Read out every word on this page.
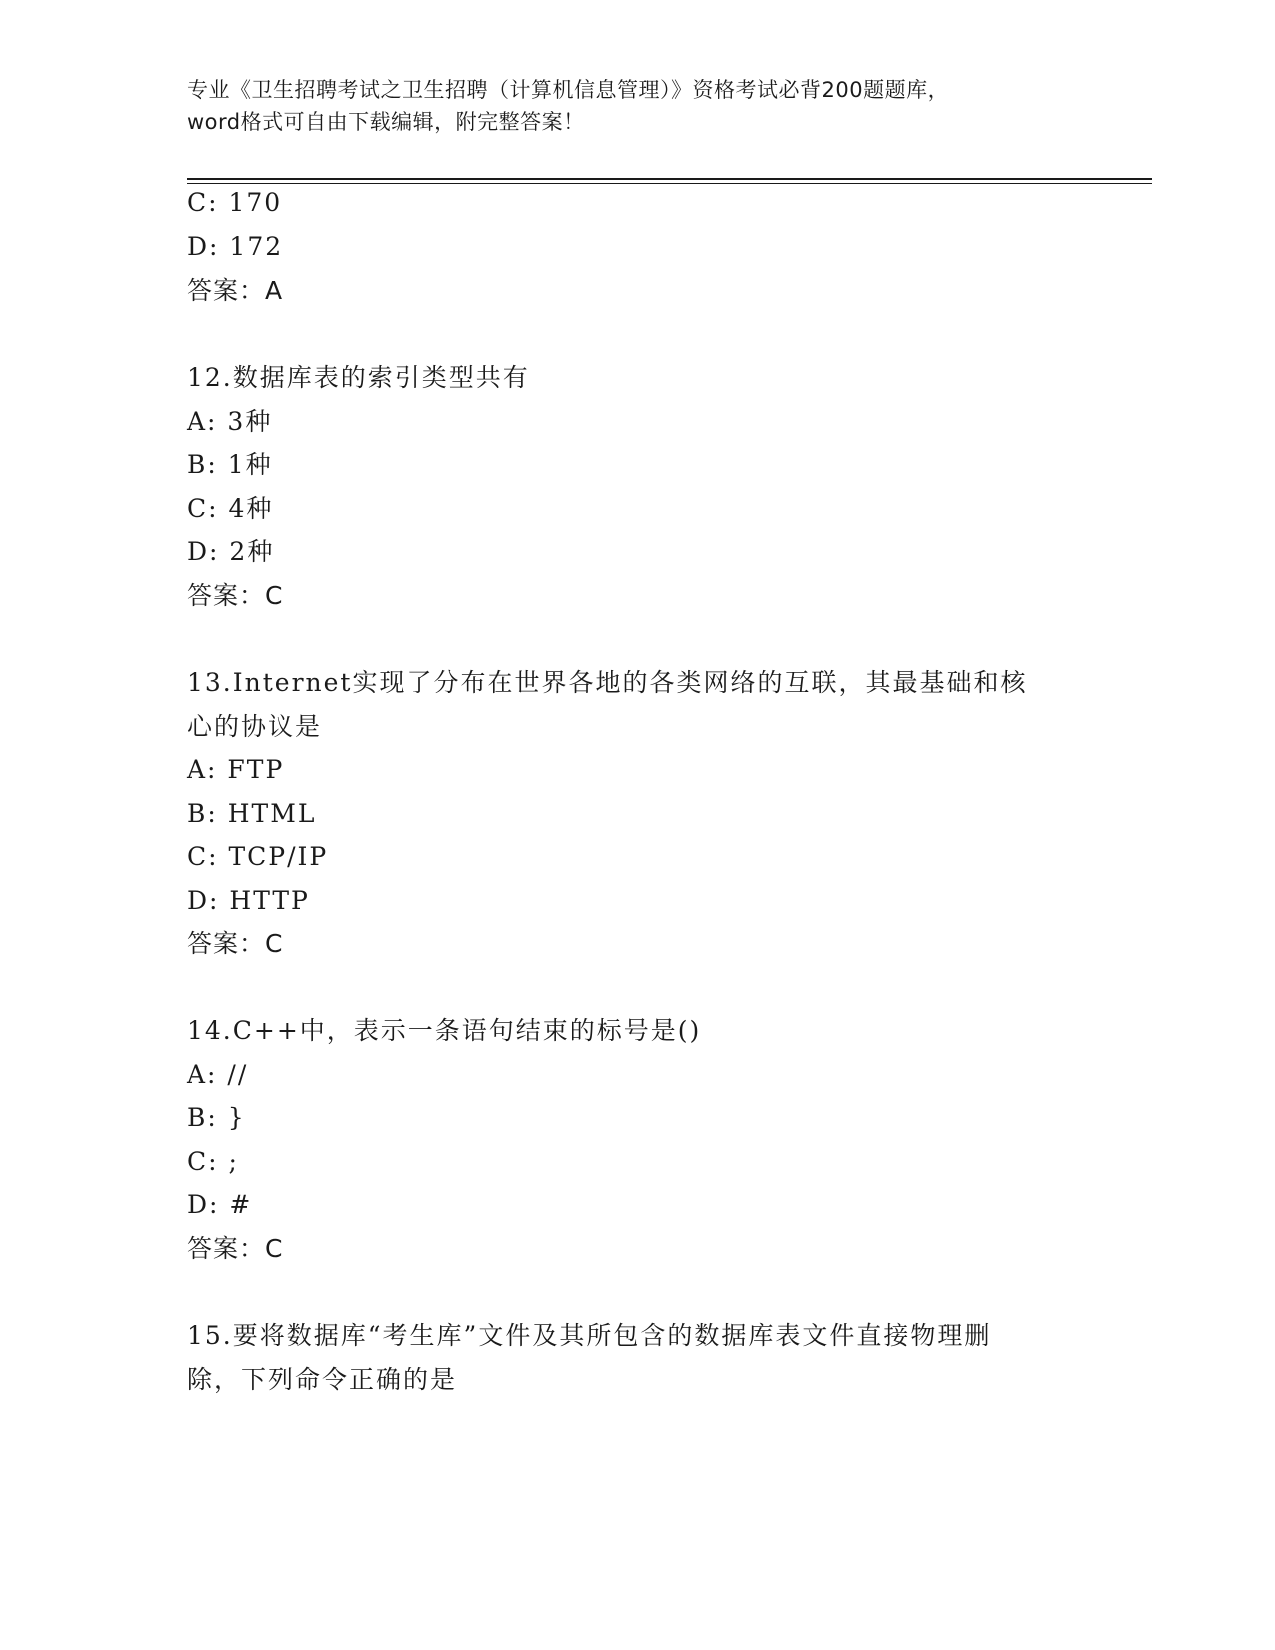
专业《卫生招聘考试之卫生招聘（计算机信息管理）》资格考试必背200题题库，
word格式可自由下载编辑，附完整答案！
C: 170
D: 172
答案：A
12.数据库表的索引类型共有
A: 3种
B: 1种
C: 4种
D: 2种
答案：C
13.Internet实现了分布在世界各地的各类网络的互联，其最基础和核
心的协议是
A: FTP
B: HTML
C: TCP/IP
D: HTTP
答案：C
14.C++中，表示一条语句结束的标号是()
A: //
B: }
C: ;
D: #
答案：C
15.要将数据库“考生库”文件及其所包含的数据库表文件直接物理删
除，下列命令正确的是
